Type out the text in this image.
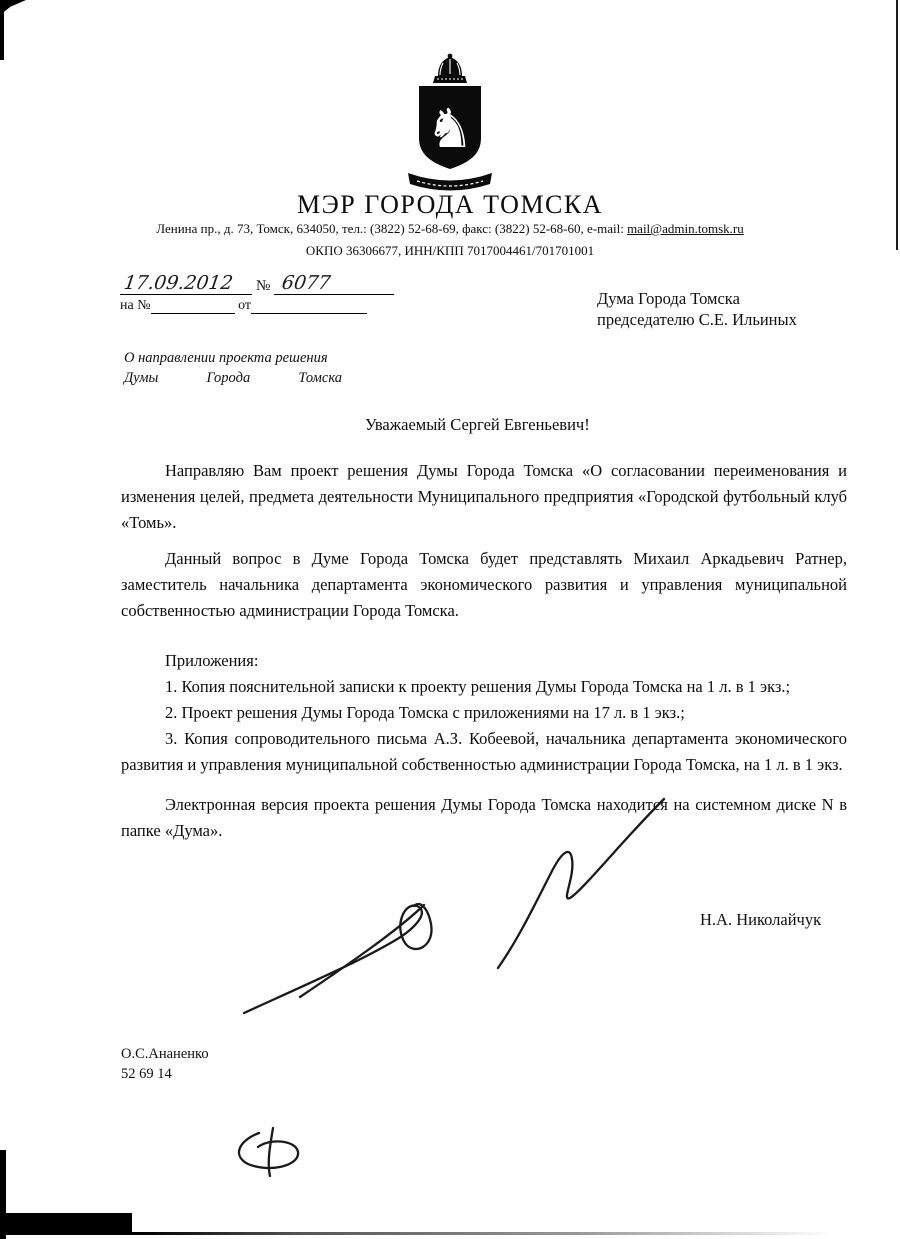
♞
МЭР ГОРОДА ТОМСКА
Ленина пр., д. 73, Томск, 634050, тел.: (3822) 52-68-69, факс: (3822) 52-68-60, e-mail: mail@admin.tomsk.ru
ОКПО 36306677, ИНН/КПП 7017004461/701701001
17.09.2012 № 6077
на №	от	Дума Города Томска
председателю С.Е. Ильиных
О направлении проекта решения
Думы Города Томска

Уважаемый Сергей Евгеньевич!

Направляю Вам проект решения Думы Города Томска «О согласовании переименования и изменения целей, предмета деятельности Муниципального предприятия «Городской футбольный клуб «Томь».

Данный вопрос в Думе Города Томска будет представлять Михаил Аркадьевич Ратнер, заместитель начальника департамента экономического развития и управления муниципальной собственностью администрации Города Томска.

Приложения:

1. Копия пояснительной записки к проекту решения Думы Города Томска на 1 л. в 1 экз.;

2. Проект решения Думы Города Томска с приложениями на 17 л. в 1 экз.;

3. Копия сопроводительного письма А.З. Кобеевой, начальника департамента экономического развития и управления муниципальной собственностью администрации Города Томска, на 1 л. в 1 экз.

Электронная версия проекта решения Думы Города Томска находится на системном диске N в папке «Дума».

Н.А. Николайчук
О.С.Ананенко
52 69 14
